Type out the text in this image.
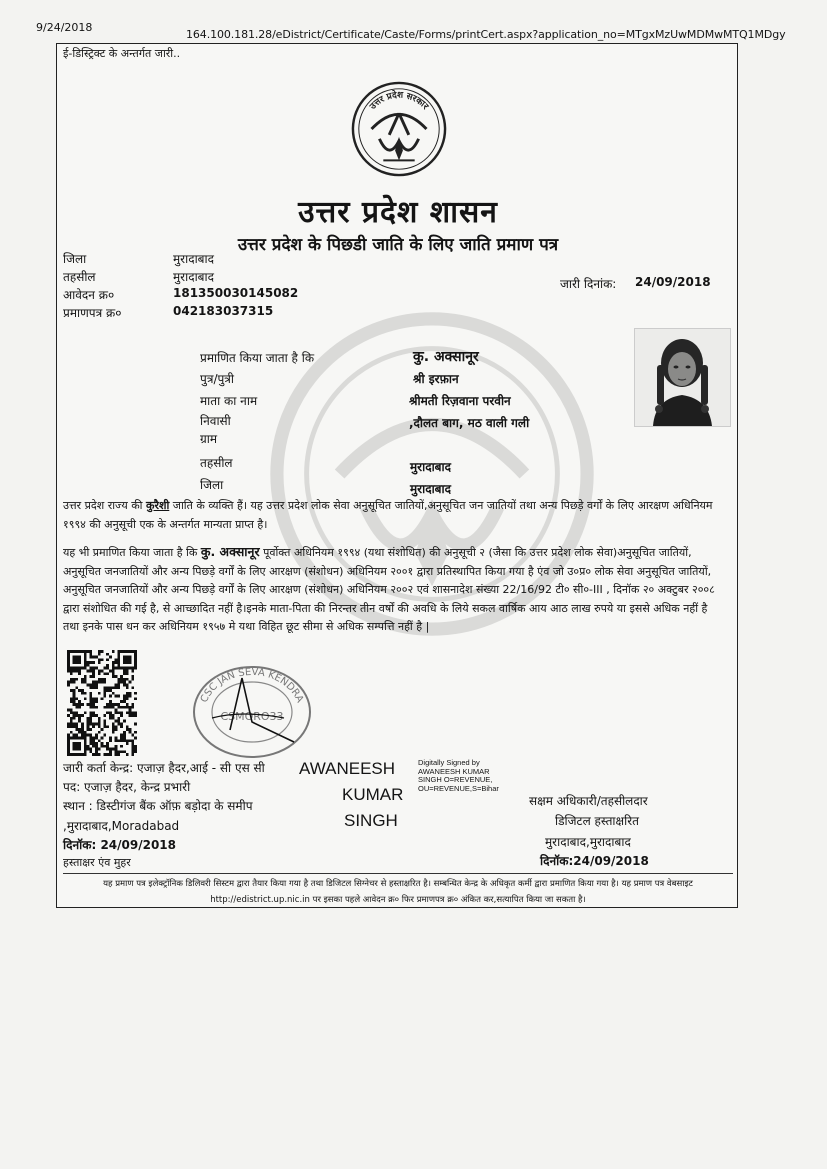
9/24/2018
164.100.181.28/eDistrict/Certificate/Caste/Forms/printCert.aspx?application_no=MTgxMzUwMDMwMTQ1MDgy
ई-डिस्ट्रिक्ट के अन्तर्गत जारी..
उत्तर प्रदेश सरकार
उत्तर प्रदेश शासन
उत्तर प्रदेश के पिछडी जाति के लिए जाति प्रमाण पत्र
जिला	मुरादाबाद
तहसील	मुरादाबाद
आवेदन क्र०	181350030145082
प्रमाणपत्र क्र०	042183037315
जारी दिनांक: 24/09/2018
प्रमाणित किया जाता है कि	कु. अक्सानूर
पुत्र/पुत्री	श्री इरफ़ान
माता का नाम	श्रीमती रिज़वाना परवीन
निवासी	,दौलत बाग, मठ वाली गली
ग्राम
तहसील	मुरादाबाद
जिला	मुरादाबाद
उत्तर प्रदेश राज्य की कुरैशी जाति के व्यक्ति हैं। यह उत्तर प्रदेश लोक सेवा अनुसूचित जातियों,अनुसूचित जन जातियों तथा अन्य पिछड़े वर्गों के लिए आरक्षण अधिनियम १९९४ की अनुसूची एक के अन्तर्गत मान्यता प्राप्त है।
यह भी प्रमाणित किया जाता है कि कु. अक्सानूर पूर्वोक्त अधिनियम १९९४ (यथा संशोधित) की अनुसूची २ (जैसा कि उत्तर प्रदेश लोक सेवा)अनुसूचित जातियों, अनुसूचित जनजातियों और अन्य पिछड़े वर्गों के लिए आरक्षण (संशोधन) अधिनियम २००१ द्वारा प्रतिस्थापित किया गया है एंव जो उ०प्र० लोक सेवा अनुसूचित जातियों, अनुसूचित जनजातियों और अन्य पिछड़े वर्गों के लिए आरक्षण (संशोधन) अधिनियम २००२ एवं शासनादेश संख्या 22/16/92 टी० सी०-III , दिनॉक २० अक्टुबर २००८ द्वारा संशोधित की गई है, से आच्छादित नहीं है।इनके माता-पिता की निरन्तर तीन वर्षों की अवधि के लिये सकल वार्षिक आय आठ लाख रुपये या इससे अधिक नहीं है तथा इनके पास धन कर अधिनियम १९५७ मे यथा विहित छूट सीमा से अधिक सम्पत्ति नहीं है |
CSC JAN SEVA KENDRA
CSMORO33
जारी कर्ता केन्द्र: एजाज़ हैदर,आई - सी एस सी
पद: एजाज़ हैदर, केन्द्र प्रभारी
स्थान : डिस्टीगंज बैंक ऑफ़ बड़ोदा के समीप
,मुरादाबाद,Moradabad
दिनॉक: 24/09/2018
हस्ताक्षर एंव मुहर
AWANEESH
KUMAR
SINGH
Digitally Signed by
AWANEESH KUMAR
SINGH O=REVENUE,
OU=REVENUE,S=Bihar
सक्षम अधिकारी/तहसीलदार
डिजिटल हस्ताक्षरित
मुरादाबाद,मुरादाबाद
दिनॉक:24/09/2018
यह प्रमाण पत्र इलेक्ट्रॉनिक डिलिवरी सिस्टम द्वारा तैयार किया गया है तथा डिजिटल सिग्नेचर से हस्ताक्षरित है। सम्बन्धित केन्द्र के अधिकृत कर्मी द्वारा प्रमाणित किया गया है। यह प्रमाण पत्र वेबसाइट http://edistrict.up.nic.in पर इसका पहले आवेदन क्र० फिर प्रमाणपत्र क्र० अंकित कर,सत्यापित किया जा सकता है।
